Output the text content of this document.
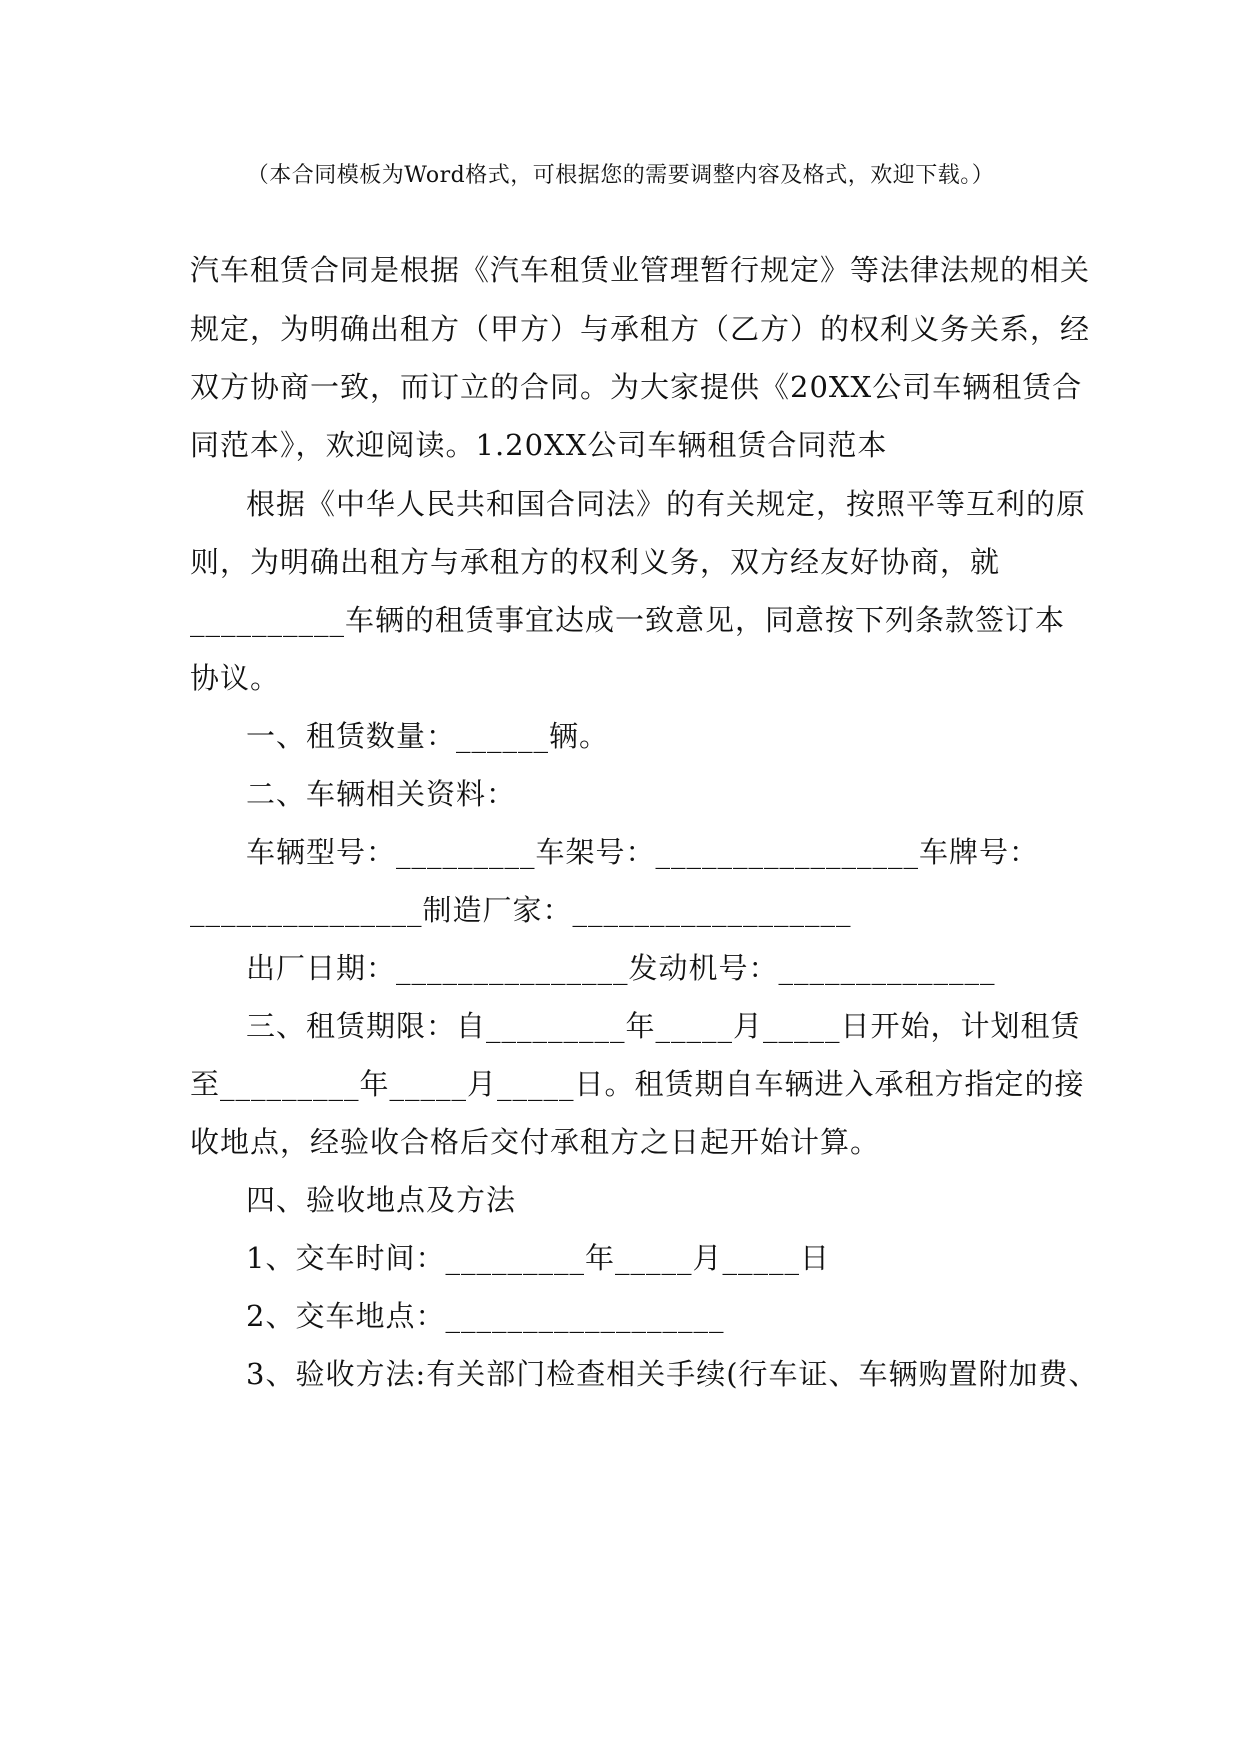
（本合同模板为Word格式，可根据您的需要调整内容及格式，欢迎下载。）
汽车租赁合同是根据《汽车租赁业管理暂行规定》等法律法规的相关
规定，为明确出租方（甲方）与承租方（乙方）的权利义务关系，经
双方协商一致，而订立的合同。为大家提供《20XX公司车辆租赁合
同范本》，欢迎阅读。1.20XX公司车辆租赁合同范本
根据《中华人民共和国合同法》的有关规定，按照平等互利的原
则，为明确出租方与承租方的权利义务，双方经友好协商，就
__________车辆的租赁事宜达成一致意见，同意按下列条款签订本
协议。
一、租赁数量：______辆。
二、车辆相关资料：
车辆型号：_________车架号：_________________车牌号：
_______________制造厂家：__________________
出厂日期：_______________发动机号：______________
三、租赁期限：自_________年_____月_____日开始，计划租赁
至_________年_____月_____日。租赁期自车辆进入承租方指定的接
收地点，经验收合格后交付承租方之日起开始计算。
四、验收地点及方法
1、交车时间：_________年_____月_____日
2、交车地点：__________________
3、验收方法:有关部门检查相关手续(行车证、车辆购置附加费、
